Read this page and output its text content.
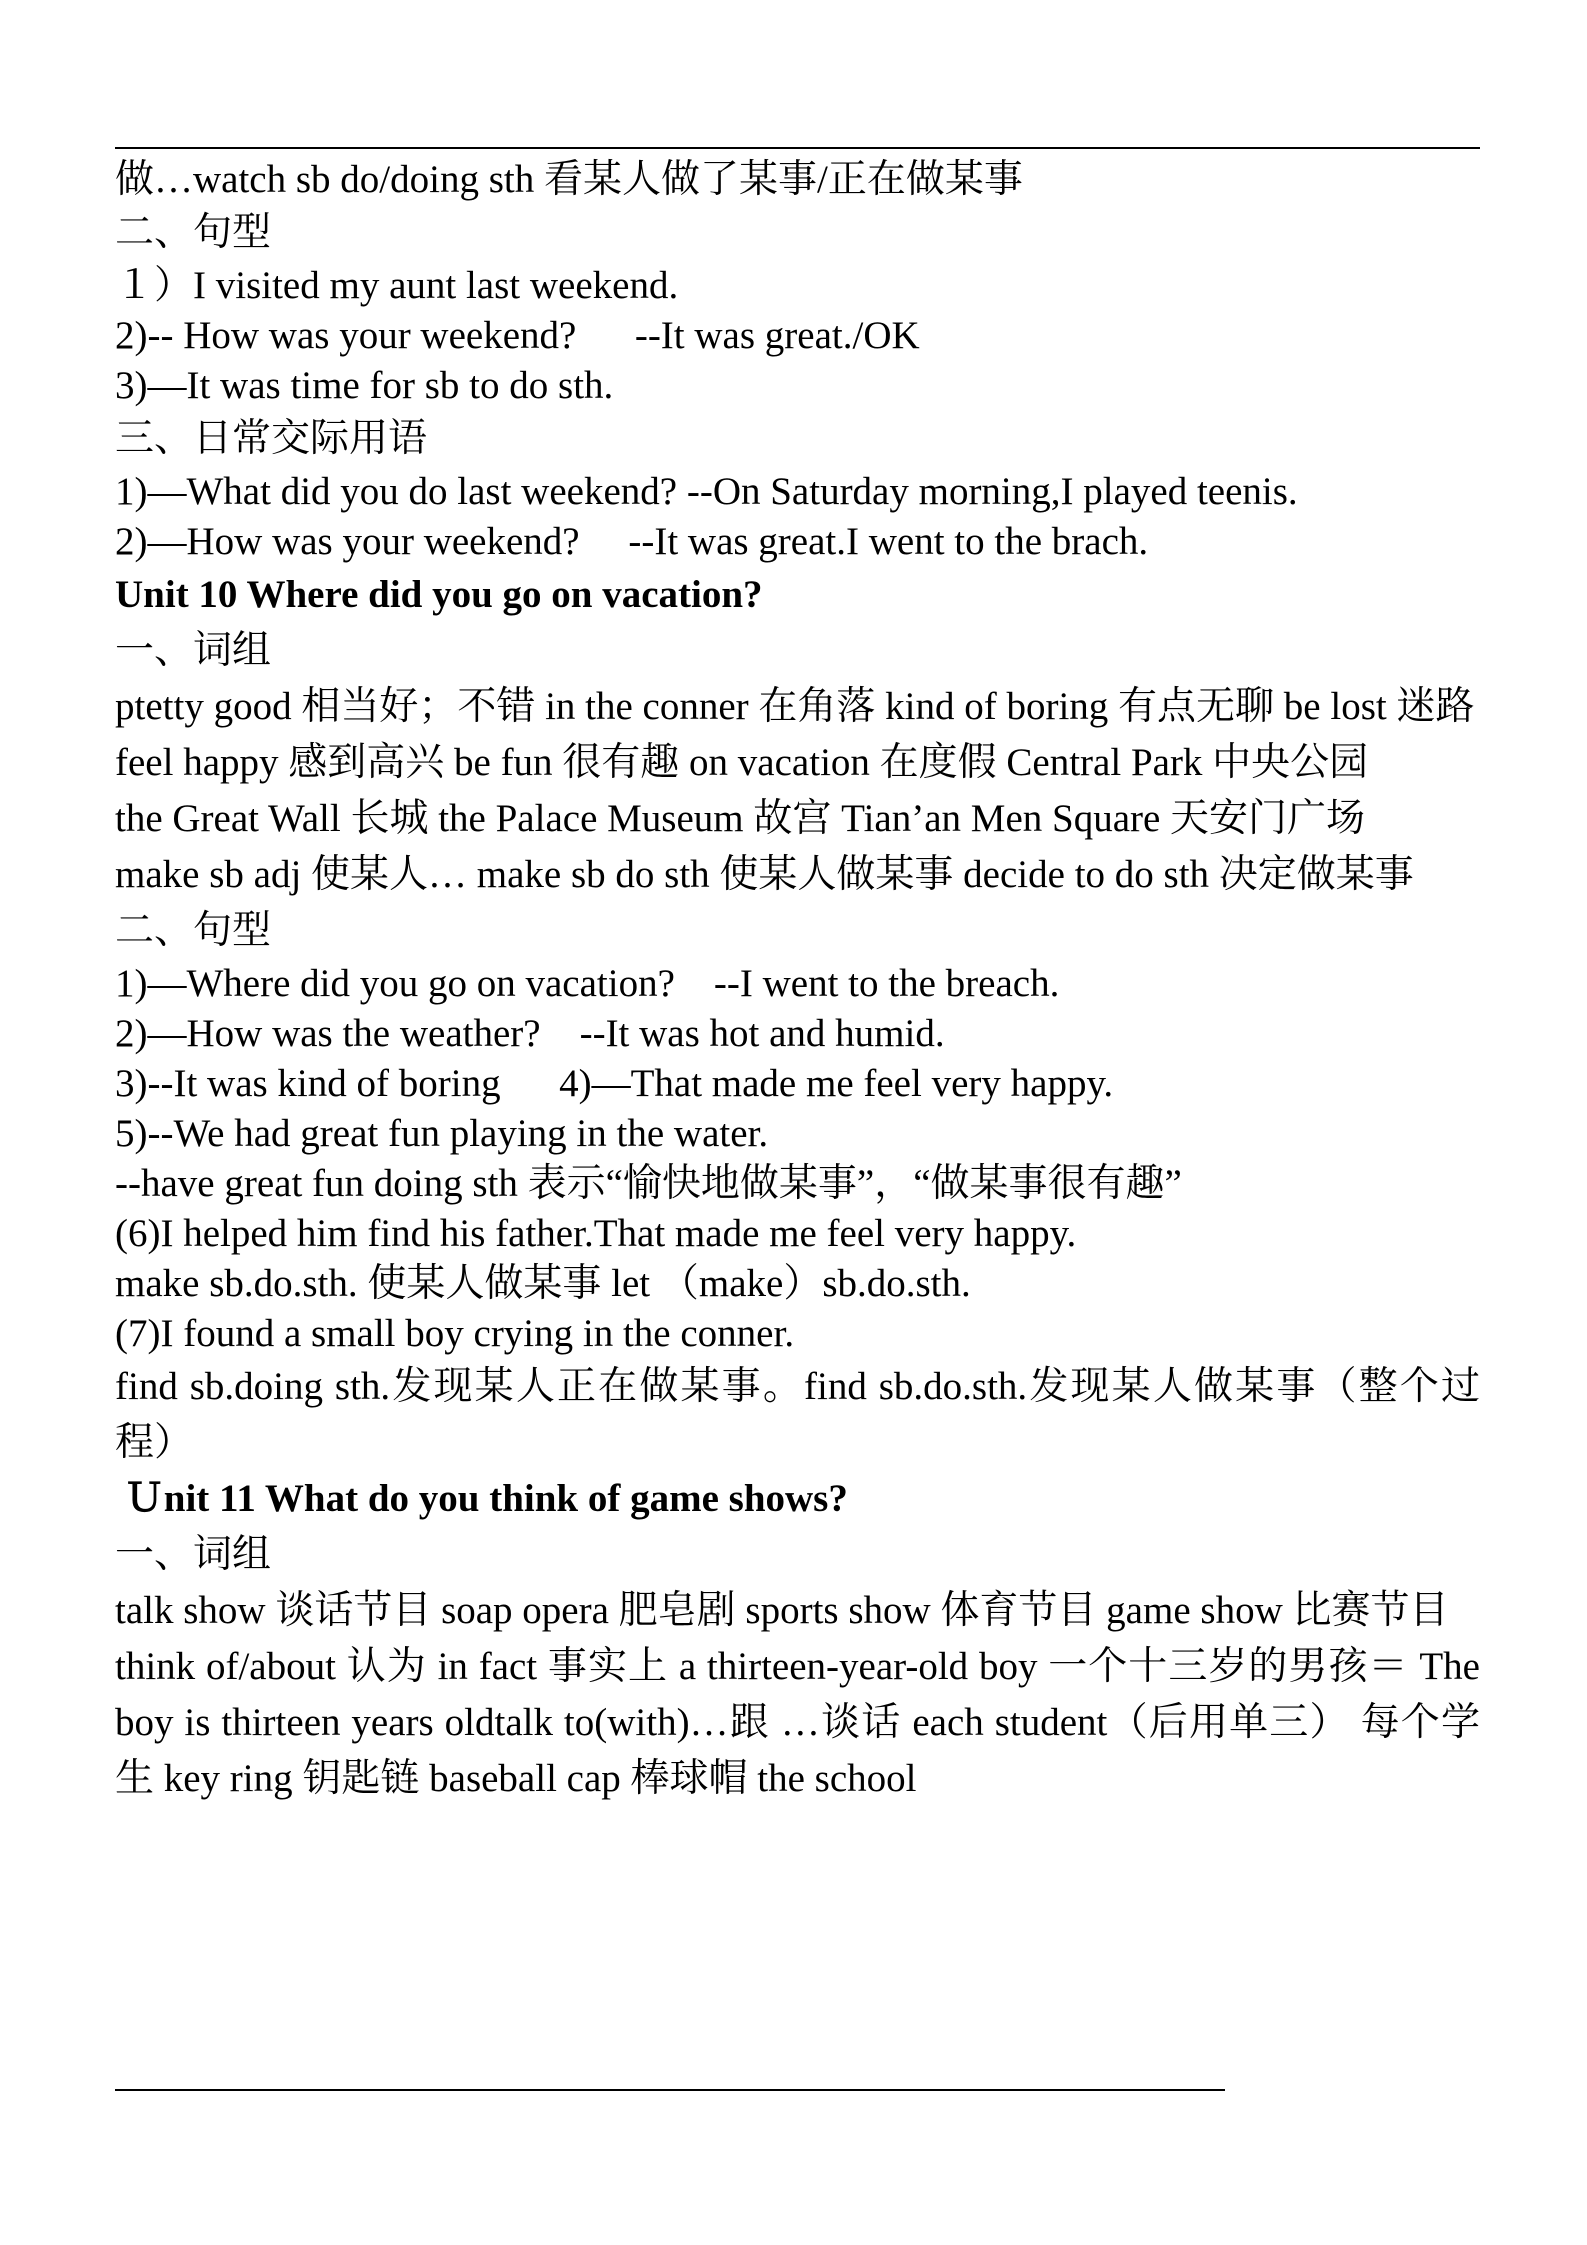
做…watch sb do/doing sth 看某人做了某事/正在做某事
二、句型
１）I visited my aunt last weekend.
2)-- How was your weekend?      --It was great./OK
3)—It was time for sb to do sth.
三、日常交际用语
1)—What did you do last weekend? --On Saturday morning,I played teenis.
2)—How was your weekend?     --It was great.I went to the brach.
Unit 10 Where did you go on vacation?
一、词组
ptetty good 相当好；不错 in the conner 在角落 kind of boring 有点无聊 be lost 迷路
feel happy 感到高兴 be fun 很有趣 on vacation 在度假 Central Park 中央公园
the Great Wall 长城 the Palace Museum 故宫 Tian’an Men Square 天安门广场
make sb adj 使某人… make sb do sth 使某人做某事 decide to do sth 决定做某事
二、句型
1)—Where did you go on vacation?    --I went to the breach.
2)—How was the weather?    --It was hot and humid.
3)--It was kind of boring      4)—That made me feel very happy.
5)--We had great fun playing in the water.
--have great fun doing sth 表示“愉快地做某事”，“做某事很有趣”
(6)I helped him find his father.That made me feel very happy.
make sb.do.sth. 使某人做某事 let （make）sb.do.sth.
(7)I found a small boy crying in the conner.
find sb.doing sth.发现某人正在做某事。find sb.do.sth.发现某人做某事（整个过程）
Ｕnit 11 What do you think of game shows?
一、词组
talk show 谈话节目 soap opera 肥皂剧 sports show 体育节目 game show 比赛节目
think of/about 认为 in fact 事实上 a thirteen-year-old boy 一个十三岁的男孩＝ The boy is thirteen years oldtalk to(with)…跟 …谈话 each student（后用单三） 每个学生 key ring 钥匙链 baseball cap 棒球帽 the school
